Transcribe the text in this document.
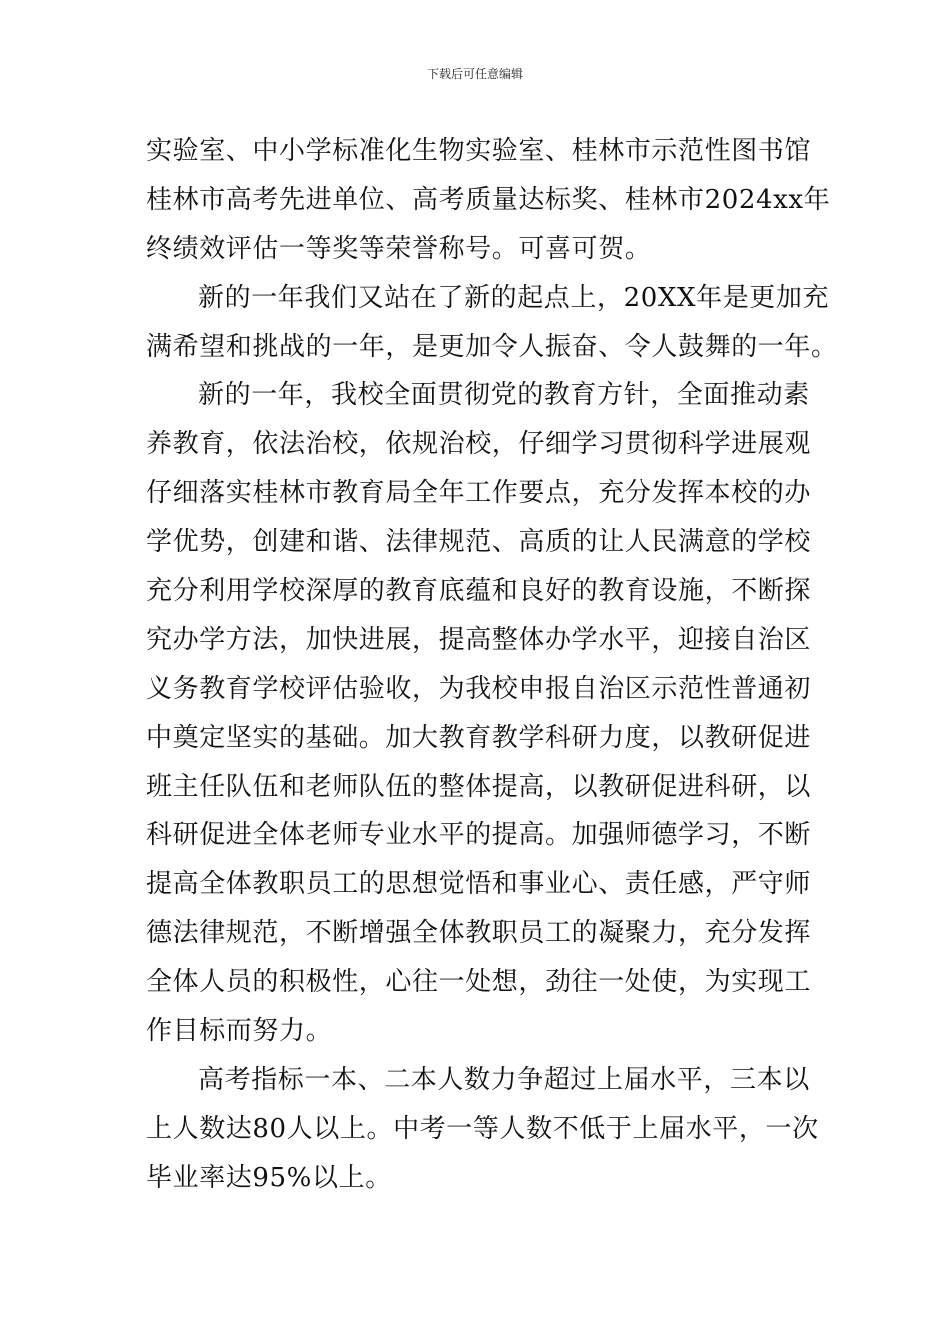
下载后可任意编辑
实验室、中小学标准化生物实验室、桂林市示范性图书馆
桂林市高考先进单位、高考质量达标奖、桂林市2024xx年
终绩效评估一等奖等荣誉称号。可喜可贺。
新的一年我们又站在了新的起点上，20XX年是更加充
满希望和挑战的一年，是更加令人振奋、令人鼓舞的一年。
新的一年，我校全面贯彻党的教育方针，全面推动素
养教育，依法治校，依规治校，仔细学习贯彻科学进展观
仔细落实桂林市教育局全年工作要点，充分发挥本校的办
学优势，创建和谐、法律规范、高质的让人民满意的学校
充分利用学校深厚的教育底蕴和良好的教育设施，不断探
究办学方法，加快进展，提高整体办学水平，迎接自治区
义务教育学校评估验收，为我校申报自治区示范性普通初
中奠定坚实的基础。加大教育教学科研力度，以教研促进
班主任队伍和老师队伍的整体提高，以教研促进科研，以
科研促进全体老师专业水平的提高。加强师德学习，不断
提高全体教职员工的思想觉悟和事业心、责任感，严守师
德法律规范，不断增强全体教职员工的凝聚力，充分发挥
全体人员的积极性，心往一处想，劲往一处使，为实现工
作目标而努力。
高考指标一本、二本人数力争超过上届水平，三本以
上人数达80人以上。中考一等人数不低于上届水平，一次
毕业率达95%以上。
